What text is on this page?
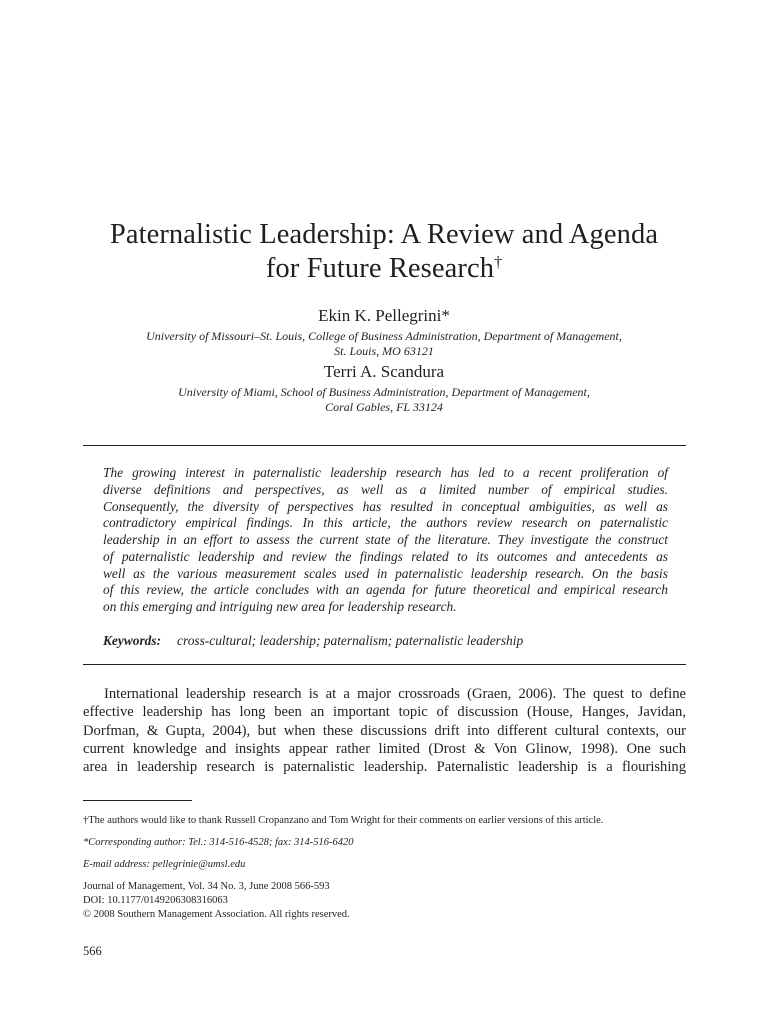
Paternalistic Leadership: A Review and Agenda
for Future Research†
Ekin K. Pellegrini*
University of Missouri–St. Louis, College of Business Administration, Department of Management,
St. Louis, MO 63121
Terri A. Scandura
University of Miami, School of Business Administration, Department of Management,
Coral Gables, FL 33124
The growing interest in paternalistic leadership research has led to a recent proliferation of
diverse definitions and perspectives, as well as a limited number of empirical studies.
Consequently, the diversity of perspectives has resulted in conceptual ambiguities, as well as
contradictory empirical findings. In this article, the authors review research on paternalistic
leadership in an effort to assess the current state of the literature. They investigate the construct
of paternalistic leadership and review the findings related to its outcomes and antecedents as
well as the various measurement scales used in paternalistic leadership research. On the basis
of this review, the article concludes with an agenda for future theoretical and empirical research
on this emerging and intriguing new area for leadership research.
Keywords: cross-cultural; leadership; paternalism; paternalistic leadership
International leadership research is at a major crossroads (Graen, 2006). The quest to define
effective leadership has long been an important topic of discussion (House, Hanges, Javidan,
Dorfman, & Gupta, 2004), but when these discussions drift into different cultural contexts, our
current knowledge and insights appear rather limited (Drost & Von Glinow, 1998). One such
area in leadership research is paternalistic leadership. Paternalistic leadership is a flourishing
†The authors would like to thank Russell Cropanzano and Tom Wright for their comments on earlier versions of this article.
*Corresponding author: Tel.: 314-516-4528; fax: 314-516-6420
E-mail address: pellegrinie@umsl.edu
Journal of Management, Vol. 34 No. 3, June 2008 566-593
DOI: 10.1177/0149206308316063
© 2008 Southern Management Association. All rights reserved.
566
